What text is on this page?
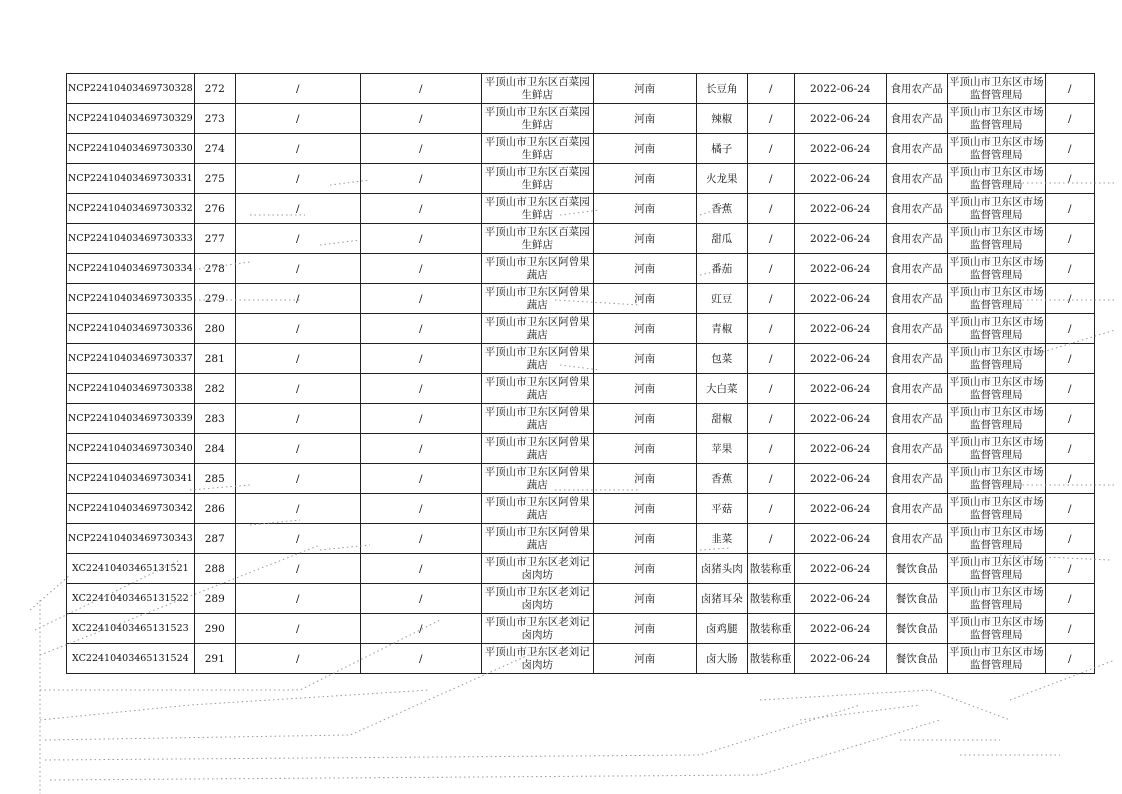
NCP22410403469730328	272	/	/	平顶山市卫东区百菜园生鲜店	河南	长豆角	/	2022-06-24	食用农产品	平顶山市卫东区市场监督管理局	/
NCP22410403469730329	273	/	/	平顶山市卫东区百菜园生鲜店	河南	辣椒	/	2022-06-24	食用农产品	平顶山市卫东区市场监督管理局	/
NCP22410403469730330	274	/	/	平顶山市卫东区百菜园生鲜店	河南	橘子	/	2022-06-24	食用农产品	平顶山市卫东区市场监督管理局	/
NCP22410403469730331	275	/	/	平顶山市卫东区百菜园生鲜店	河南	火龙果	/	2022-06-24	食用农产品	平顶山市卫东区市场监督管理局	/
NCP22410403469730332	276	/	/	平顶山市卫东区百菜园生鲜店	河南	香蕉	/	2022-06-24	食用农产品	平顶山市卫东区市场监督管理局	/
NCP22410403469730333	277	/	/	平顶山市卫东区百菜园生鲜店	河南	甜瓜	/	2022-06-24	食用农产品	平顶山市卫东区市场监督管理局	/
NCP22410403469730334	278	/	/	平顶山市卫东区阿曾果蔬店	河南	番茄	/	2022-06-24	食用农产品	平顶山市卫东区市场监督管理局	/
NCP22410403469730335	279	/	/	平顶山市卫东区阿曾果蔬店	河南	豇豆	/	2022-06-24	食用农产品	平顶山市卫东区市场监督管理局	/
NCP22410403469730336	280	/	/	平顶山市卫东区阿曾果蔬店	河南	青椒	/	2022-06-24	食用农产品	平顶山市卫东区市场监督管理局	/
NCP22410403469730337	281	/	/	平顶山市卫东区阿曾果蔬店	河南	包菜	/	2022-06-24	食用农产品	平顶山市卫东区市场监督管理局	/
NCP22410403469730338	282	/	/	平顶山市卫东区阿曾果蔬店	河南	大白菜	/	2022-06-24	食用农产品	平顶山市卫东区市场监督管理局	/
NCP22410403469730339	283	/	/	平顶山市卫东区阿曾果蔬店	河南	甜椒	/	2022-06-24	食用农产品	平顶山市卫东区市场监督管理局	/
NCP22410403469730340	284	/	/	平顶山市卫东区阿曾果蔬店	河南	苹果	/	2022-06-24	食用农产品	平顶山市卫东区市场监督管理局	/
NCP22410403469730341	285	/	/	平顶山市卫东区阿曾果蔬店	河南	香蕉	/	2022-06-24	食用农产品	平顶山市卫东区市场监督管理局	/
NCP22410403469730342	286	/	/	平顶山市卫东区阿曾果蔬店	河南	平菇	/	2022-06-24	食用农产品	平顶山市卫东区市场监督管理局	/
NCP22410403469730343	287	/	/	平顶山市卫东区阿曾果蔬店	河南	韭菜	/	2022-06-24	食用农产品	平顶山市卫东区市场监督管理局	/
XC22410403465131521	288	/	/	平顶山市卫东区老刘记卤肉坊	河南	卤猪头肉	散装称重	2022-06-24	餐饮食品	平顶山市卫东区市场监督管理局	/
XC22410403465131522	289	/	/	平顶山市卫东区老刘记卤肉坊	河南	卤猪耳朵	散装称重	2022-06-24	餐饮食品	平顶山市卫东区市场监督管理局	/
XC22410403465131523	290	/	/	平顶山市卫东区老刘记卤肉坊	河南	卤鸡腿	散装称重	2022-06-24	餐饮食品	平顶山市卫东区市场监督管理局	/
XC22410403465131524	291	/	/	平顶山市卫东区老刘记卤肉坊	河南	卤大肠	散装称重	2022-06-24	餐饮食品	平顶山市卫东区市场监督管理局	/
